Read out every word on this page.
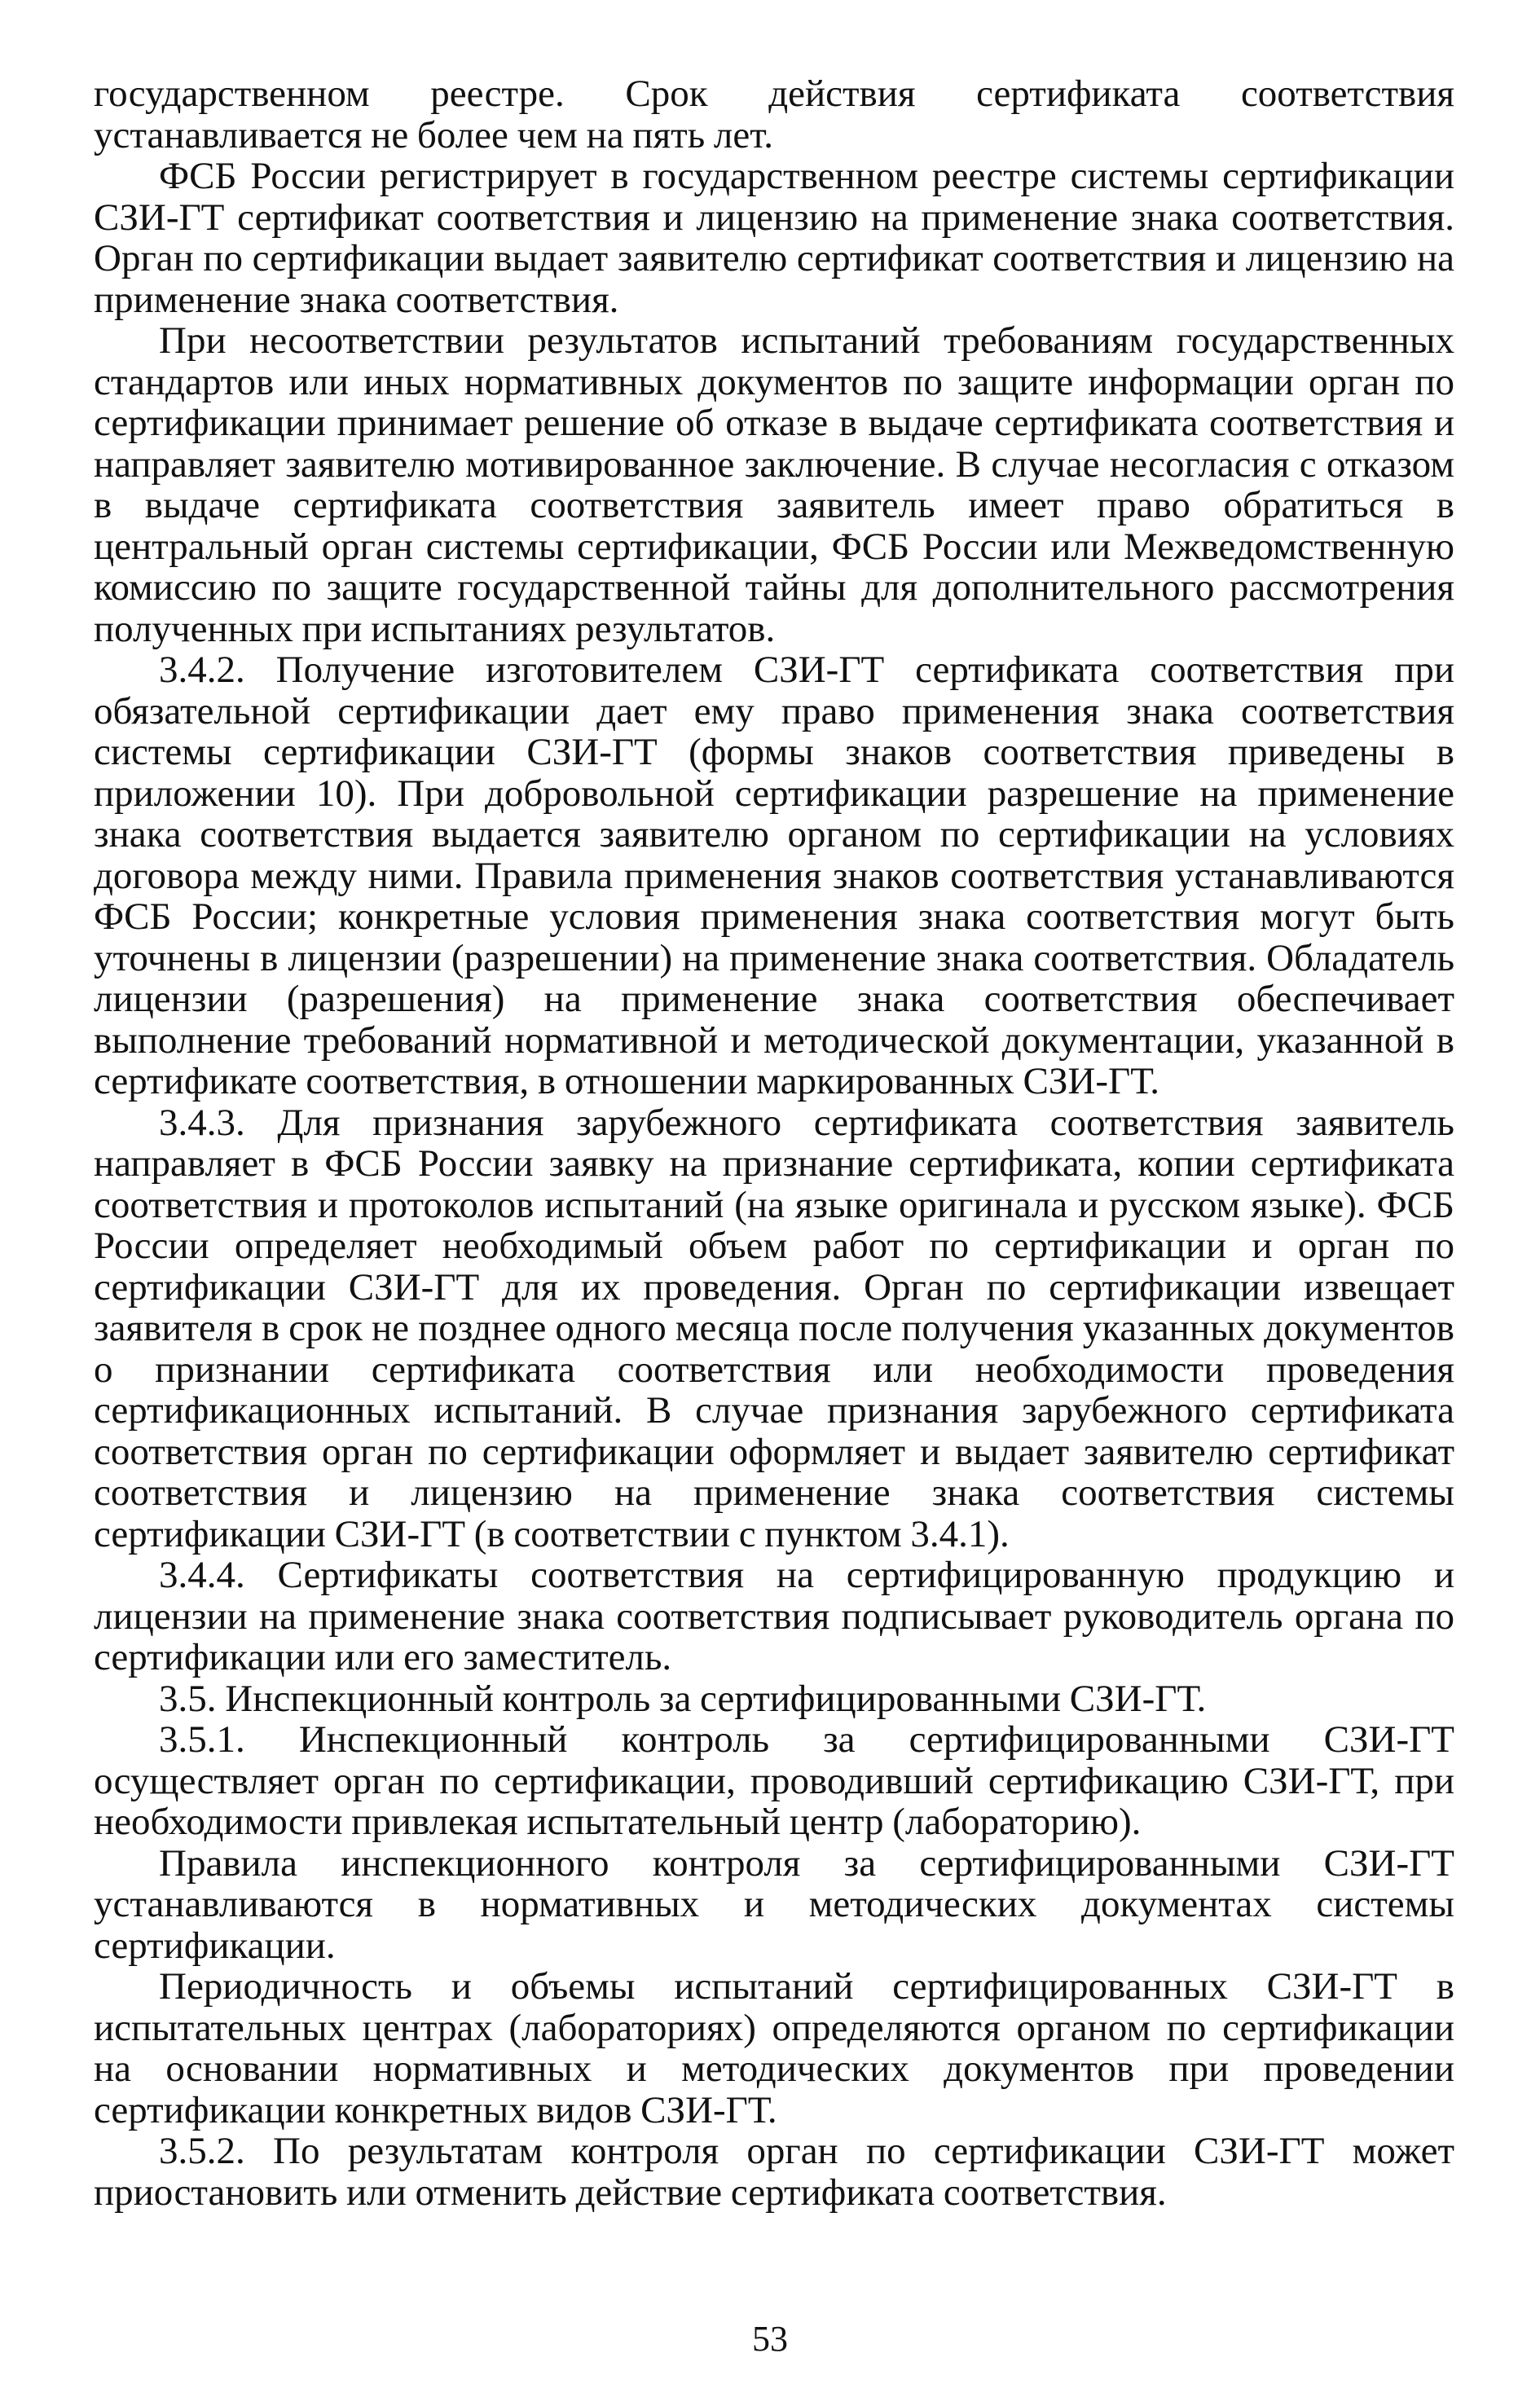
государственном реестре. Срок действия сертификата соответствия устанавливается не более чем на пять лет.

ФСБ России регистрирует в государственном реестре системы сертификации СЗИ-ГТ сертификат соответствия и лицензию на применение знака соответствия. Орган по сертификации выдает заявителю сертификат соответствия и лицензию на применение знака соответствия.

При несоответствии результатов испытаний требованиям государственных стандартов или иных нормативных документов по защите информации орган по сертификации принимает решение об отказе в выдаче сертификата соответствия и направляет заявителю мотивированное заключение. В случае несогласия с отказом в выдаче сертификата соответствия заявитель имеет право обратиться в центральный орган системы сертификации, ФСБ России или Межведомственную комиссию по защите государственной тайны для дополнительного рассмотрения полученных при испытаниях результатов.

3.4.2. Получение изготовителем СЗИ-ГТ сертификата соответствия при обязательной сертификации дает ему право применения знака соответствия системы сертификации СЗИ-ГТ (формы знаков соответствия приведены в приложении 10). При добровольной сертификации разрешение на применение знака соответствия выдается заявителю органом по сертификации на условиях договора между ними. Правила применения знаков соответствия устанавливаются ФСБ России; конкретные условия применения знака соответствия могут быть уточнены в лицензии (разрешении) на применение знака соответствия. Обладатель лицензии (разрешения) на применение знака соответствия обеспечивает выполнение требований нормативной и методической документации, указанной в сертификате соответствия, в отношении маркированных СЗИ-ГТ.

3.4.3. Для признания зарубежного сертификата соответствия заявитель направляет в ФСБ России заявку на признание сертификата, копии сертификата соответствия и протоколов испытаний (на языке оригинала и русском языке). ФСБ России определяет необходимый объем работ по сертификации и орган по сертификации СЗИ-ГТ для их проведения. Орган по сертификации извещает заявителя в срок не позднее одного месяца после получения указанных документов о признании сертификата соответствия или необходимости проведения сертификационных испытаний. В случае признания зарубежного сертификата соответствия орган по сертификации оформляет и выдает заявителю сертификат соответствия и лицензию на применение знака соответствия системы сертификации СЗИ-ГТ (в соответствии с пунктом 3.4.1).

3.4.4. Сертификаты соответствия на сертифицированную продукцию и лицензии на применение знака соответствия подписывает руководитель органа по сертификации или его заместитель.

3.5. Инспекционный контроль за сертифицированными СЗИ-ГТ.

3.5.1. Инспекционный контроль за сертифицированными СЗИ-ГТ осуществляет орган по сертификации, проводивший сертификацию СЗИ-ГТ, при необходимости привлекая испытательный центр (лабораторию).

Правила инспекционного контроля за сертифицированными СЗИ-ГТ устанавливаются в нормативных и методических документах системы сертификации.

Периодичность и объемы испытаний сертифицированных СЗИ-ГТ в испытательных центрах (лабораториях) определяются органом по сертификации на основании нормативных и методических документов при проведении сертификации конкретных видов СЗИ-ГТ.

3.5.2. По результатам контроля орган по сертификации СЗИ-ГТ может приостановить или отменить действие сертификата соответствия.

53
